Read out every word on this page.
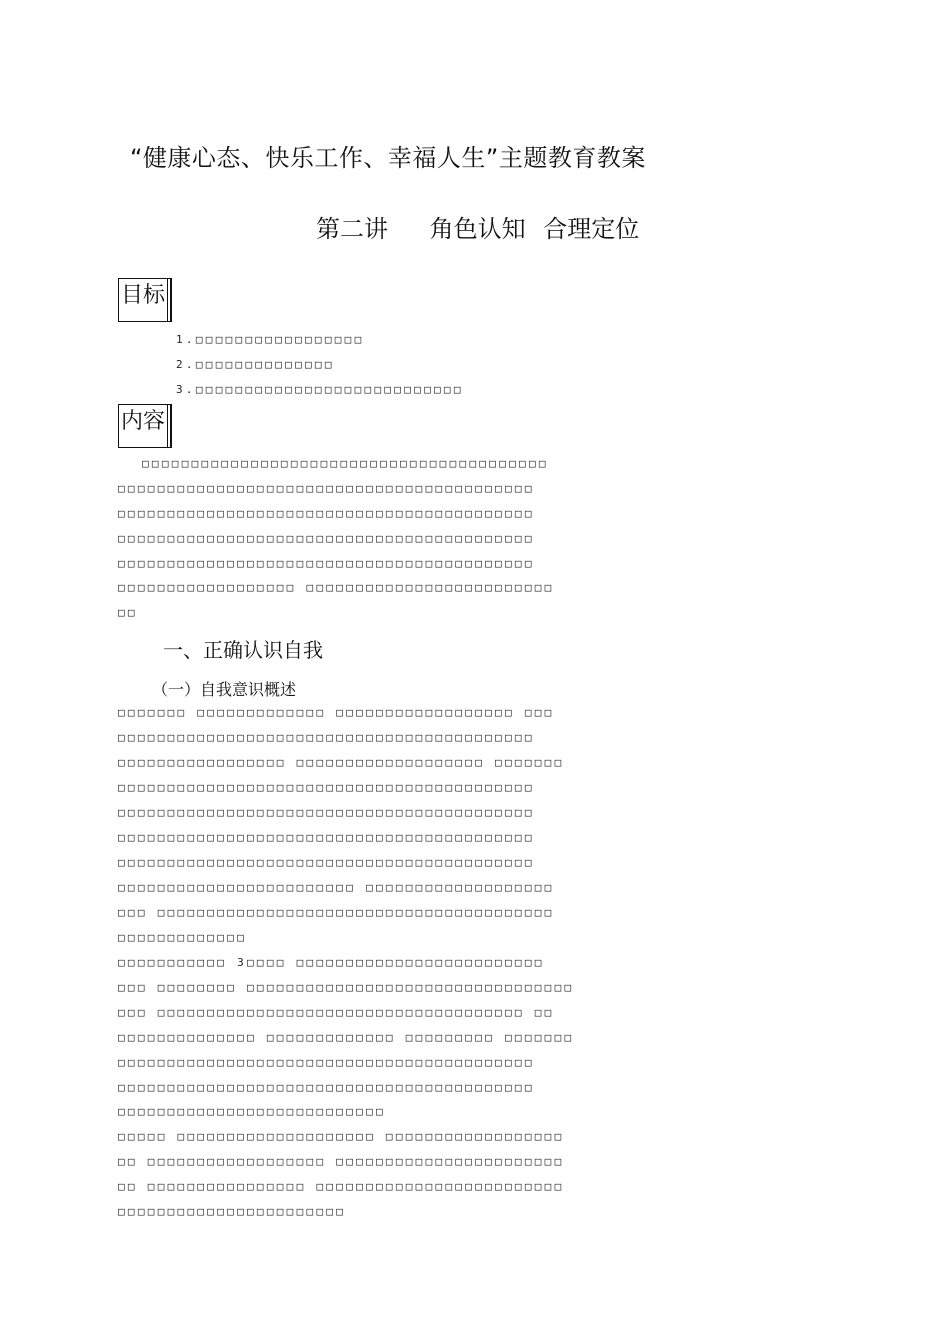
“健康心态、快乐工作、幸福人生”主题教育教案
第二讲　 角色认知 合理定位
目标
1.□□□□□□□□□□□□□□□□□
2.□□□□□□□□□□□□□□
3.□□□□□□□□□□□□□□□□□□□□□□□□□□□
内容
□□□□□□□□□□□□□□□□□□□□□□□□□□□□□□□□□□□□□□□□□
□□□□□□□□□□□□□□□□□□□□□□□□□□□□□□□□□□□□□□□□□□
□□□□□□□□□□□□□□□□□□□□□□□□□□□□□□□□□□□□□□□□□□
□□□□□□□□□□□□□□□□□□□□□□□□□□□□□□□□□□□□□□□□□□
□□□□□□□□□□□□□□□□□□□□□□□□□□□□□□□□□□□□□□□□□□
□□□□□□□□□□□□□□□□□□ □□□□□□□□□□□□□□□□□□□□□□□□□
□□
一、正确认识自我
（一）自我意识概述
□□□□□□□ □□□□□□□□□□□□□ □□□□□□□□□□□□□□□□□□ □□□
□□□□□□□□□□□□□□□□□□□□□□□□□□□□□□□□□□□□□□□□□□
□□□□□□□□□□□□□□□□□ □□□□□□□□□□□□□□□□□□□ □□□□□□□
□□□□□□□□□□□□□□□□□□□□□□□□□□□□□□□□□□□□□□□□□□
□□□□□□□□□□□□□□□□□□□□□□□□□□□□□□□□□□□□□□□□□□
□□□□□□□□□□□□□□□□□□□□□□□□□□□□□□□□□□□□□□□□□□
□□□□□□□□□□□□□□□□□□□□□□□□□□□□□□□□□□□□□□□□□□
□□□□□□□□□□□□□□□□□□□□□□□□ □□□□□□□□□□□□□□□□□□□
□□□ □□□□□□□□□□□□□□□□□□□□□□□□□□□□□□□□□□□□□□□□
□□□□□□□□□□□□□
□□□□□□□□□□□ 3□□□□ □□□□□□□□□□□□□□□□□□□□□□□□□
□□□ □□□□□□□□ □□□□□□□□□□□□□□□□□□□□□□□□□□□□□□□□□
□□□ □□□□□□□□□□□□□□□□□□□□□□□□□□□□□□□□□□□□□ □□
□□□□□□□□□□□□□□ □□□□□□□□□□□□□ □□□□□□□□□ □□□□□□□
□□□□□□□□□□□□□□□□□□□□□□□□□□□□□□□□□□□□□□□□□□
□□□□□□□□□□□□□□□□□□□□□□□□□□□□□□□□□□□□□□□□□□
□□□□□□□□□□□□□□□□□□□□□□□□□□□
□□□□□ □□□□□□□□□□□□□□□□□□□□ □□□□□□□□□□□□□□□□□□
□□ □□□□□□□□□□□□□□□□□□ □□□□□□□□□□□□□□□□□□□□□□□
□□ □□□□□□□□□□□□□□□□ □□□□□□□□□□□□□□□□□□□□□□□□□
□□□□□□□□□□□□□□□□□□□□□□□
